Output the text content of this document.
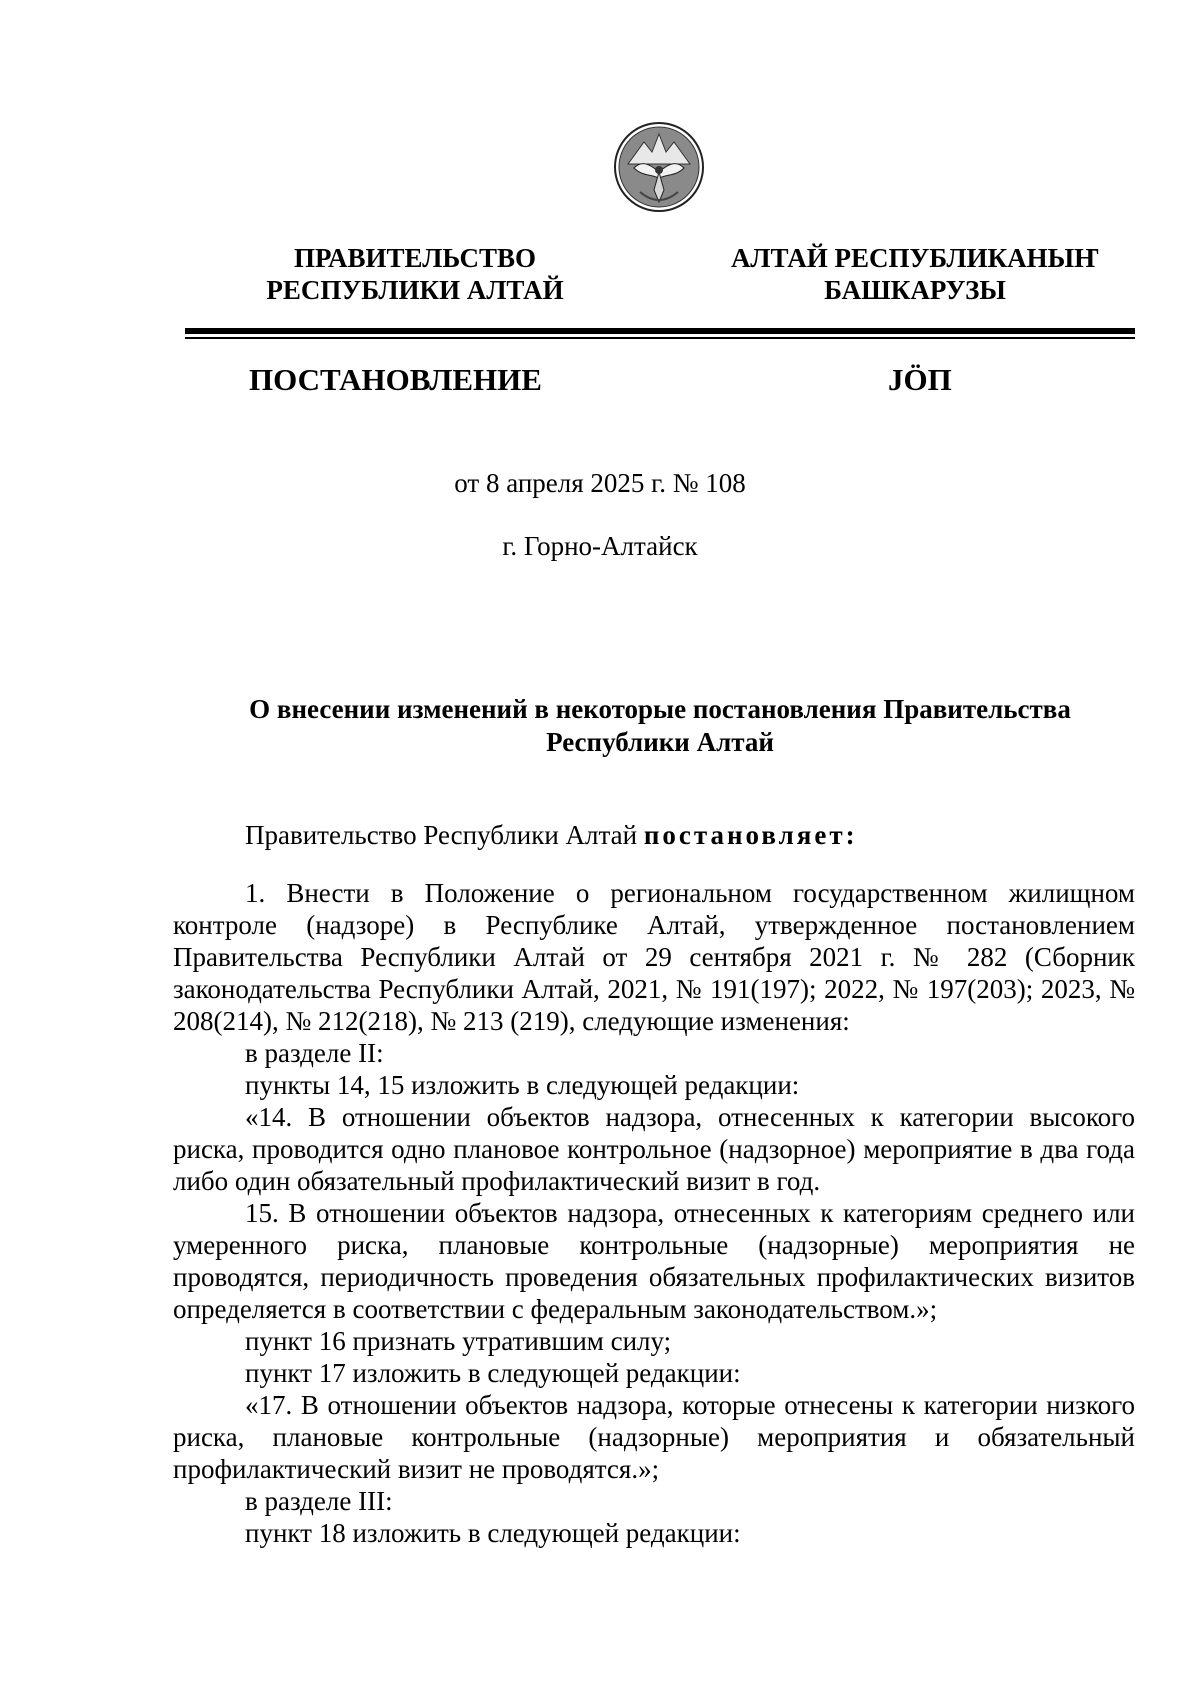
ПРАВИТЕЛЬСТВО
РЕСПУБЛИКИ АЛТАЙ
АЛТАЙ РЕСПУБЛИКАНЫҤ
БАШКАРУЗЫ
ПОСТАНОВЛЕНИЕ	JӦП
от 8 апреля 2025 г. № 108
г. Горно-Алтайск
О внесении изменений в некоторые постановления Правительства
Республики Алтай

Правительство Республики Алтай постановляет:

1. Внести в Положение о региональном государственном жилищном контроле (надзоре) в Республике Алтай, утвержденное постановлением Правительства Республики Алтай от 29 сентября 2021 г. № 282 (Сборник законодательства Республики Алтай, 2021, № 191(197); 2022, № 197(203); 2023, № 208(214), № 212(218), № 213 (219), следующие изменения:

в разделе II:

пункты 14, 15 изложить в следующей редакции:

«14. В отношении объектов надзора, отнесенных к категории высокого риска, проводится одно плановое контрольное (надзорное) мероприятие в два года либо один обязательный профилактический визит в год.

15. В отношении объектов надзора, отнесенных к категориям среднего или умеренного риска, плановые контрольные (надзорные) мероприятия не проводятся, периодичность проведения обязательных профилактических визитов определяется в соответствии с федеральным законодательством.»;

пункт 16 признать утратившим силу;

пункт 17 изложить в следующей редакции:

«17. В отношении объектов надзора, которые отнесены к категории низкого риска, плановые контрольные (надзорные) мероприятия и обязательный профилактический визит не проводятся.»;

в разделе III:

пункт 18 изложить в следующей редакции:
